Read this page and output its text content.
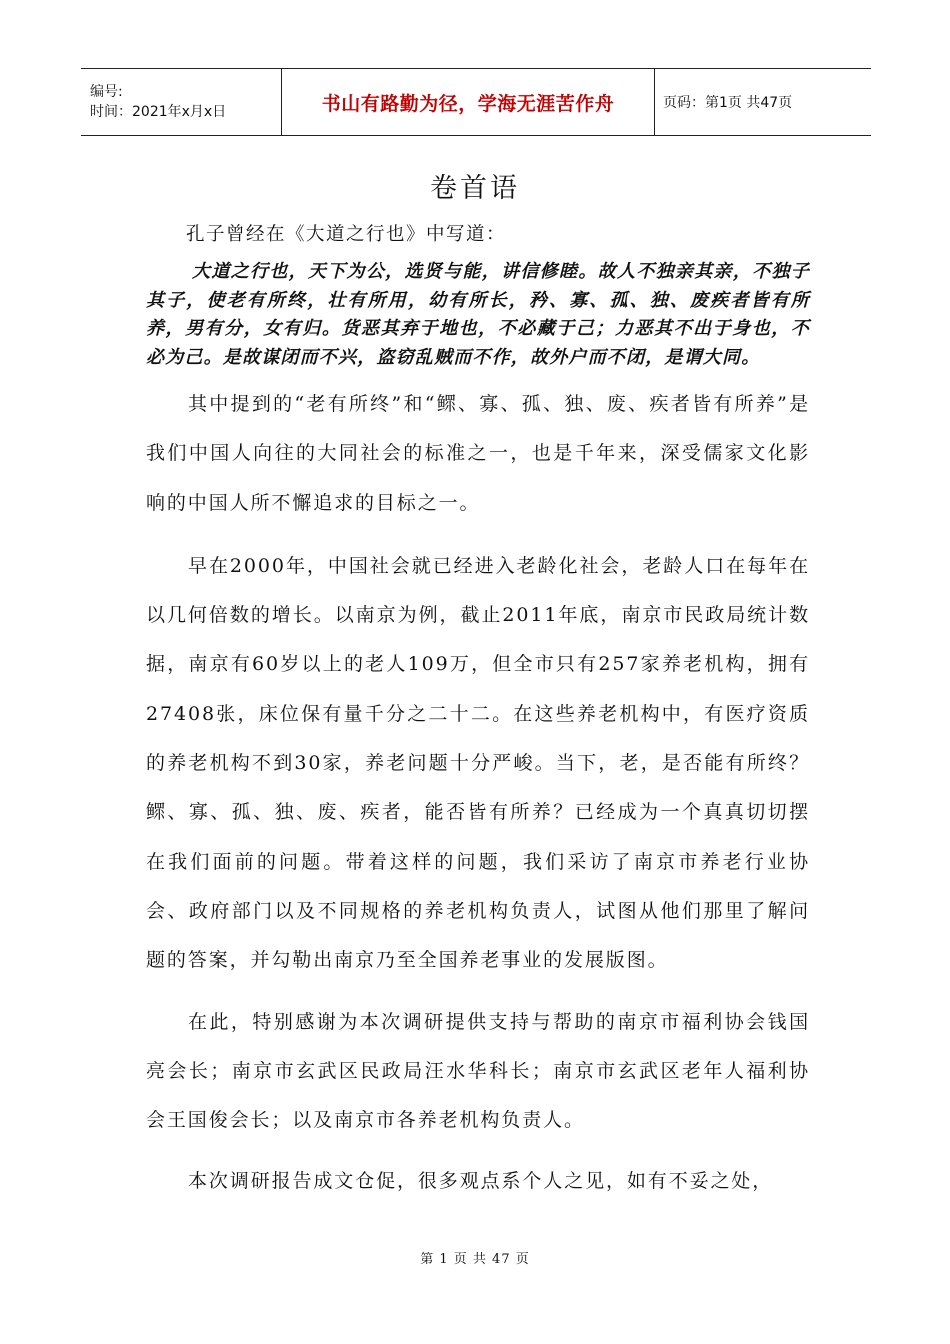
编号:
时间：2021年x月x日	书山有路勤为径，学海无涯苦作舟	页码：第1页 共47页
卷首语

孔子曾经在《大道之行也》中写道：

大道之行也，天下为公，选贤与能，讲信修睦。故人不独亲其亲，不独子其子，使老有所终，壮有所用，幼有所长，矜、寡、孤、独、废疾者皆有所养，男有分，女有归。货恶其弃于地也，不必藏于己；力恶其不出于身也，不必为己。是故谋闭而不兴，盗窃乱贼而不作，故外户而不闭，是谓大同。

其中提到的“老有所终”和“鳏、寡、孤、独、废、疾者皆有所养”是我们中国人向往的大同社会的标准之一，也是千年来，深受儒家文化影响的中国人所不懈追求的目标之一。

早在2000年，中国社会就已经进入老龄化社会，老龄人口在每年在以几何倍数的增长。以南京为例，截止2011年底，南京市民政局统计数据，南京有60岁以上的老人109万，但全市只有257家养老机构，拥有27408张，床位保有量千分之二十二。在这些养老机构中，有医疗资质的养老机构不到30家，养老问题十分严峻。当下，老，是否能有所终？鳏、寡、孤、独、废、疾者，能否皆有所养？已经成为一个真真切切摆在我们面前的问题。带着这样的问题，我们采访了南京市养老行业协会、政府部门以及不同规格的养老机构负责人，试图从他们那里了解问题的答案，并勾勒出南京乃至全国养老事业的发展版图。

在此，特别感谢为本次调研提供支持与帮助的南京市福利协会钱国亮会长；南京市玄武区民政局汪水华科长；南京市玄武区老年人福利协会王国俊会长；以及南京市各养老机构负责人。

本次调研报告成文仓促，很多观点系个人之见，如有不妥之处，

第 1 页 共 47 页
